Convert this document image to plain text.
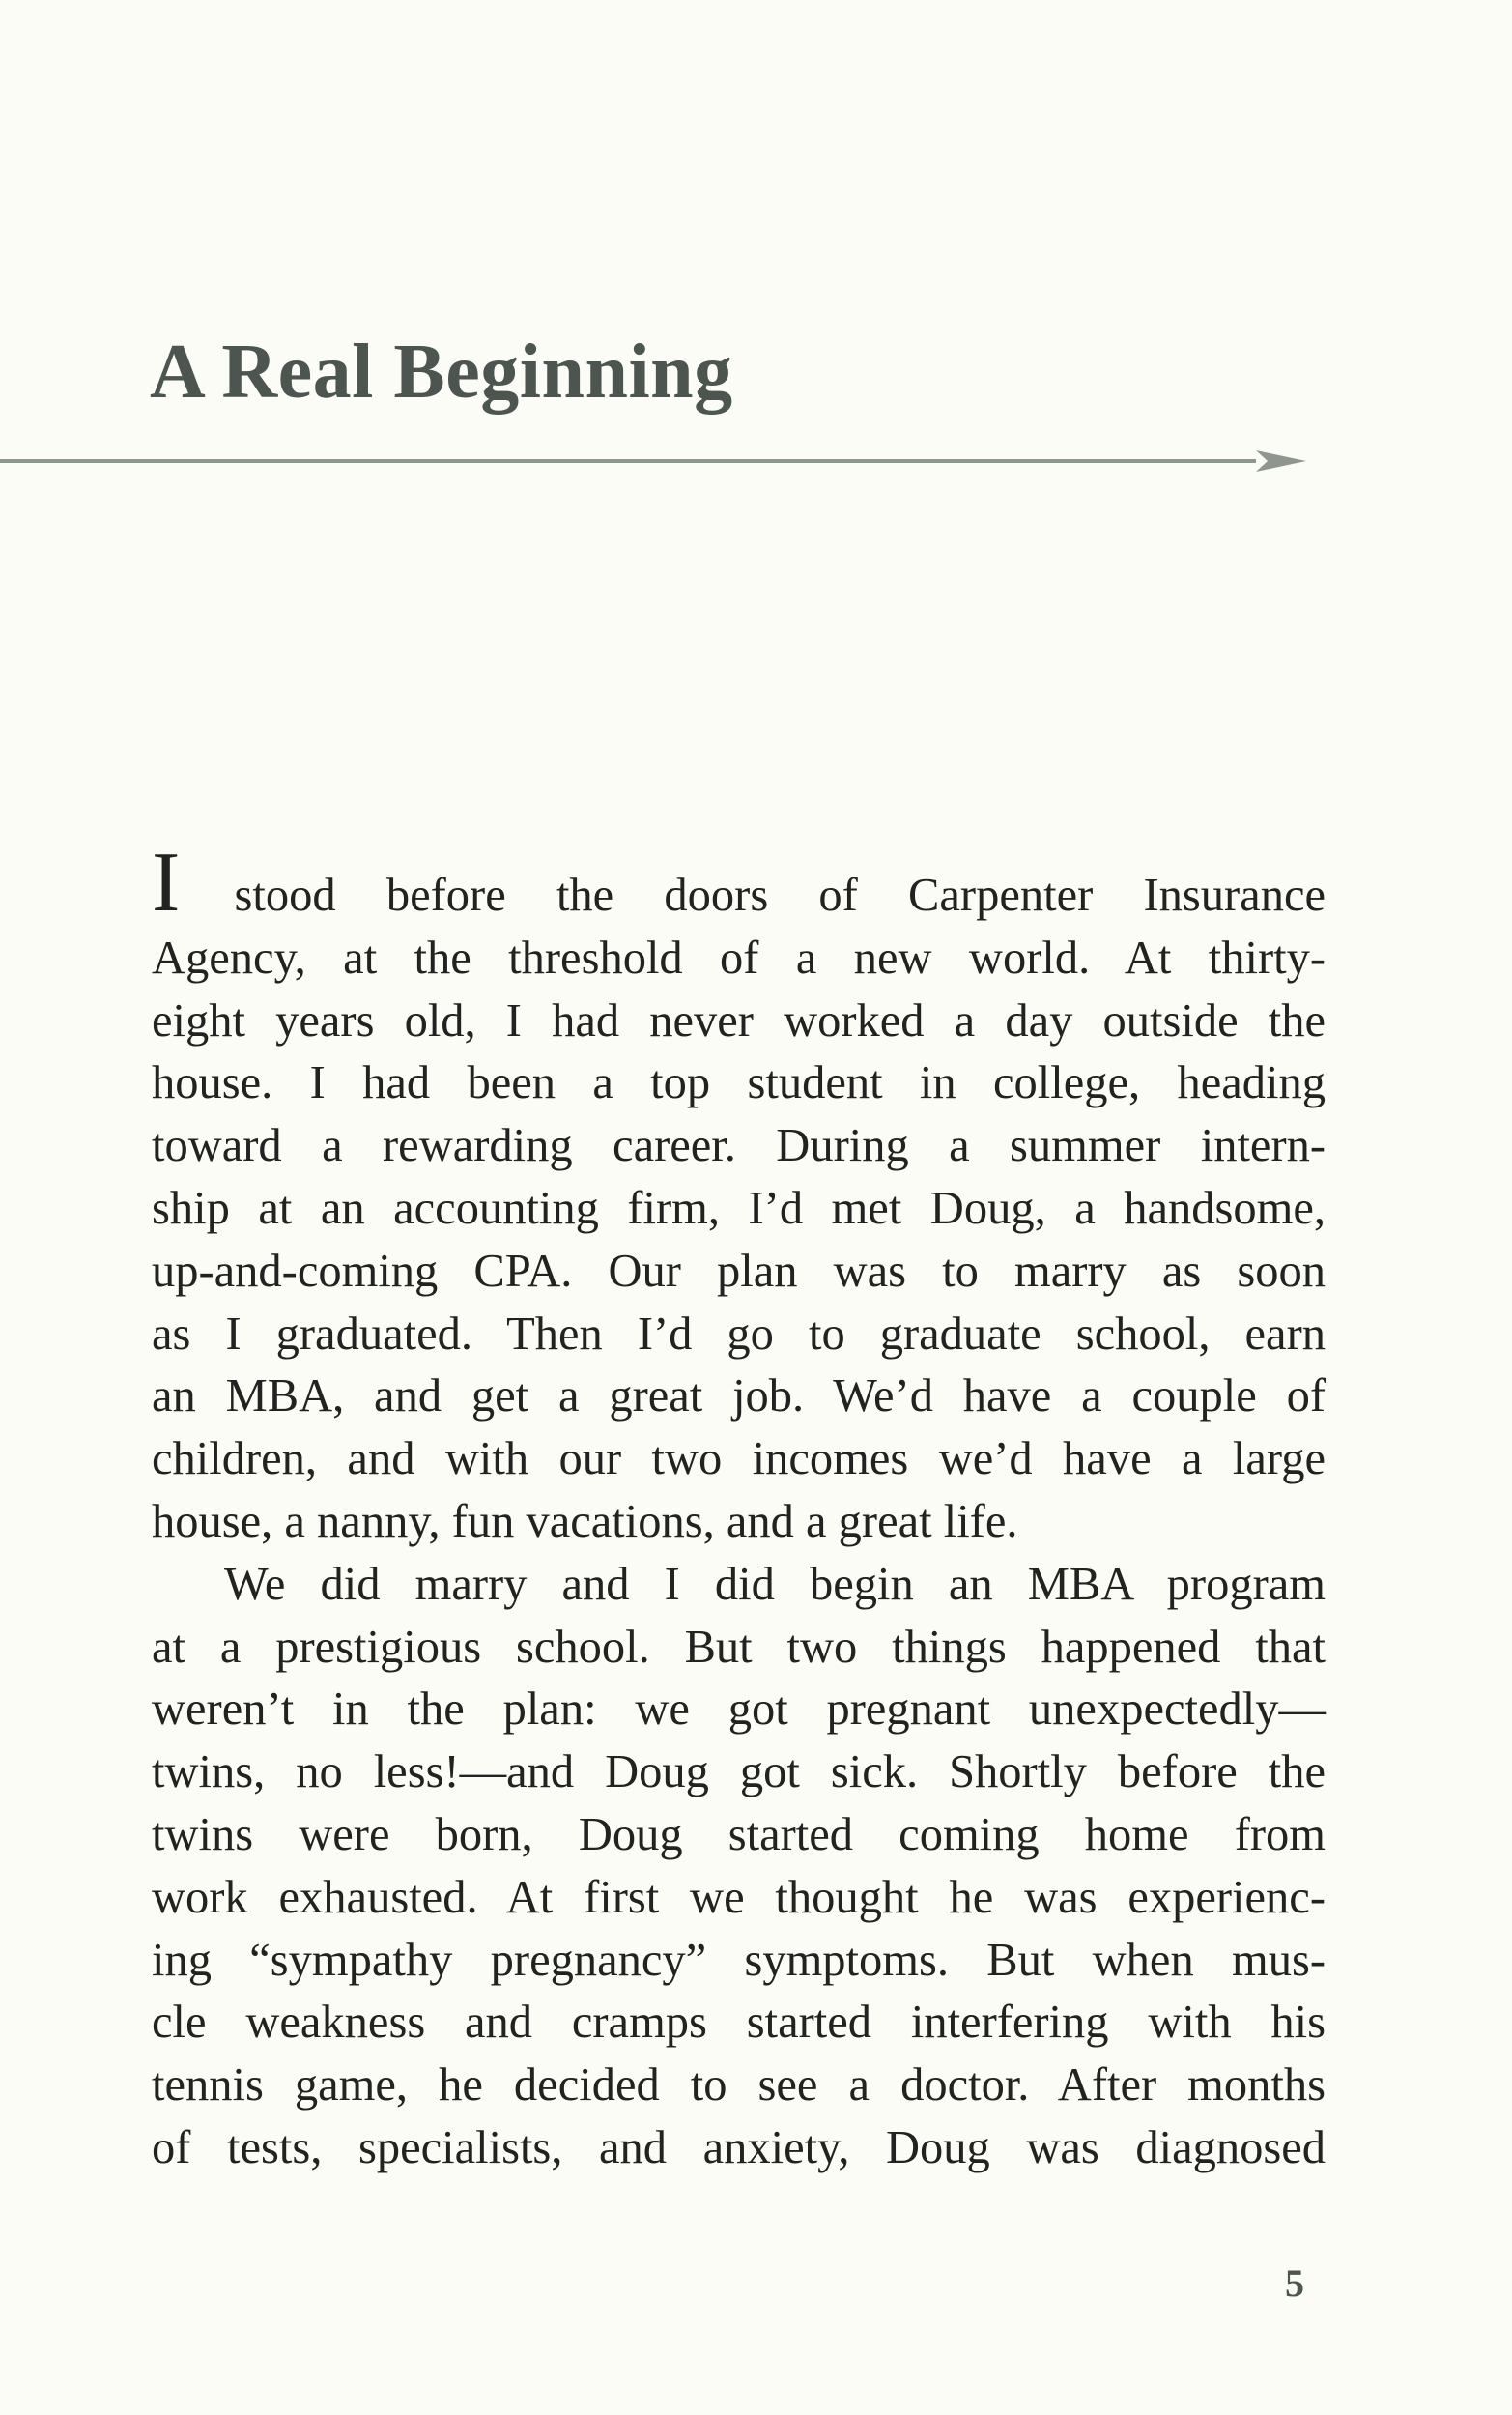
A Real Beginning
I stood before the doors of Carpenter Insurance
Agency, at the threshold of a new world. At thirty-
eight years old, I had never worked a day outside the
house. I had been a top student in college, heading
toward a rewarding career. During a summer intern-
ship at an accounting firm, I’d met Doug, a handsome,
up-and-coming CPA. Our plan was to marry as soon
as I graduated. Then I’d go to graduate school, earn
an MBA, and get a great job. We’d have a couple of
children, and with our two incomes we’d have a large
house, a nanny, fun vacations, and a great life.
We did marry and I did begin an MBA program
at a prestigious school. But two things happened that
weren’t in the plan: we got pregnant unexpectedly—
twins, no less!—and Doug got sick. Shortly before the
twins were born, Doug started coming home from
work exhausted. At first we thought he was experienc-
ing “sympathy pregnancy” symptoms. But when mus-
cle weakness and cramps started interfering with his
tennis game, he decided to see a doctor. After months
of tests, specialists, and anxiety, Doug was diagnosed
5
